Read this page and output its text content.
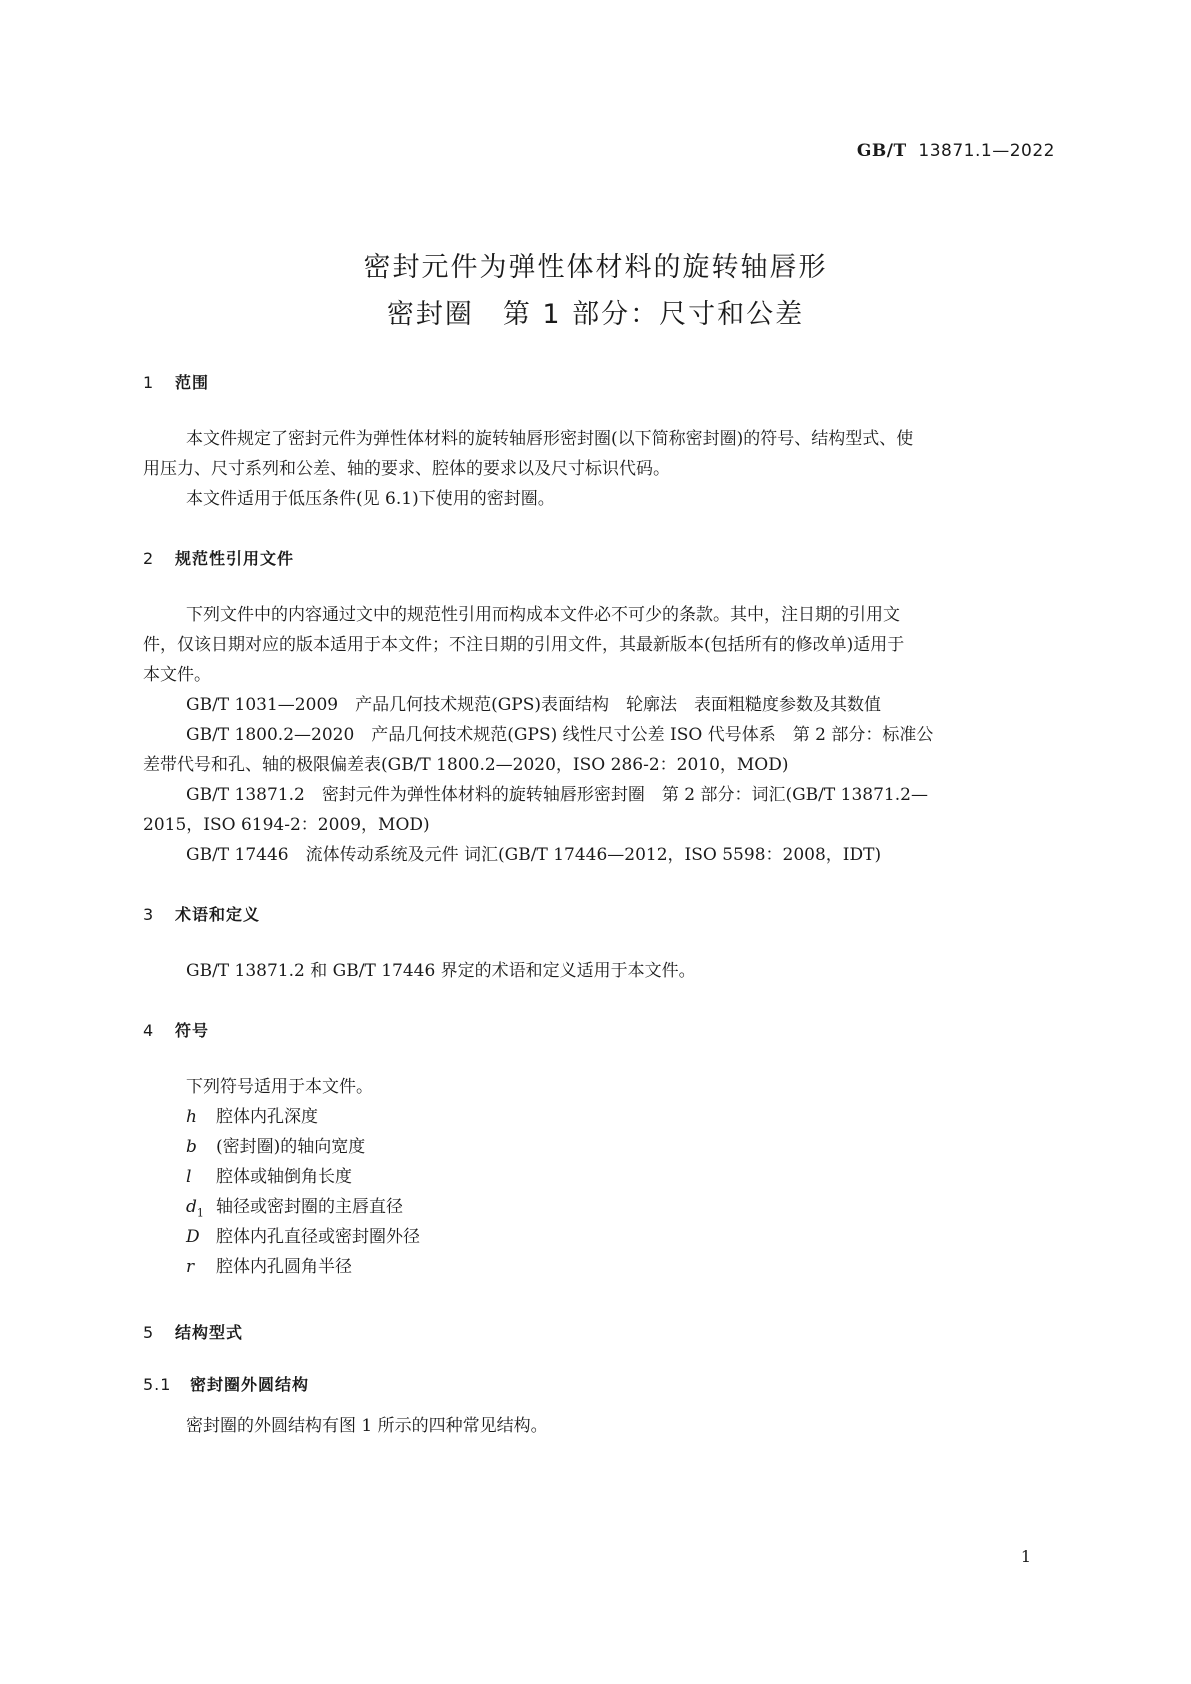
GB/T 13871.1—2022
密封元件为弹性体材料的旋转轴唇形
密封圈　第 1 部分：尺寸和公差
1 范围
本文件规定了密封元件为弹性体材料的旋转轴唇形密封圈(以下简称密封圈)的符号、结构型式、使
用压力、尺寸系列和公差、轴的要求、腔体的要求以及尺寸标识代码。
本文件适用于低压条件(见 6.1)下使用的密封圈。
2 规范性引用文件
下列文件中的内容通过文中的规范性引用而构成本文件必不可少的条款。其中，注日期的引用文
件，仅该日期对应的版本适用于本文件；不注日期的引用文件，其最新版本(包括所有的修改单)适用于
本文件。
GB/T 1031—2009　产品几何技术规范(GPS)表面结构　轮廓法　表面粗糙度参数及其数值
GB/T 1800.2—2020　产品几何技术规范(GPS) 线性尺寸公差 ISO 代号体系　第 2 部分：标准公
差带代号和孔、轴的极限偏差表(GB/T 1800.2—2020，ISO 286-2：2010，MOD)
GB/T 13871.2　密封元件为弹性体材料的旋转轴唇形密封圈　第 2 部分：词汇(GB/T 13871.2—
2015，ISO 6194-2：2009，MOD)
GB/T 17446　流体传动系统及元件 词汇(GB/T 17446—2012，ISO 5598：2008，IDT)
3 术语和定义
GB/T 13871.2 和 GB/T 17446 界定的术语和定义适用于本文件。
4 符号
下列符号适用于本文件。
h 腔体内孔深度
b (密封圈)的轴向宽度
l 腔体或轴倒角长度
$d_1$ 轴径或密封圈的主唇直径
D 腔体内孔直径或密封圈外径
r 腔体内孔圆角半径
5 结构型式
5.1 密封圈外圆结构
密封圈的外圆结构有图 1 所示的四种常见结构。
1
